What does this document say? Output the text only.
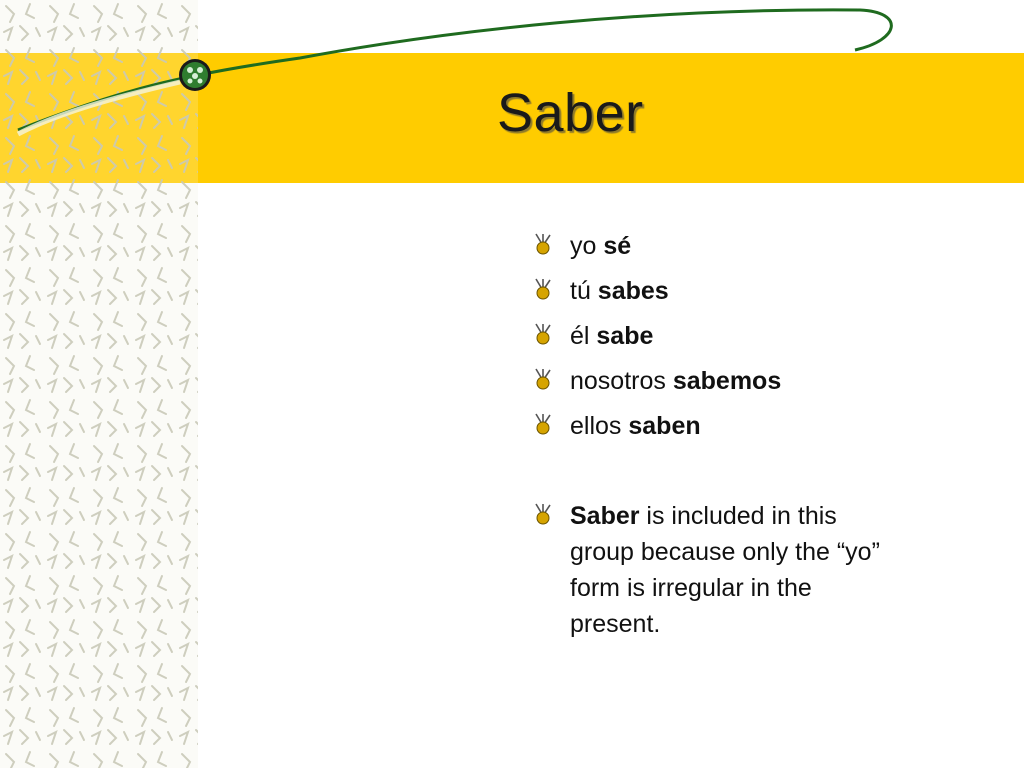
Saber
yo sé
tú sabes
él sabe
nosotros sabemos
ellos saben
Saber is included in this group because only the “yo” form is irregular in the present.
